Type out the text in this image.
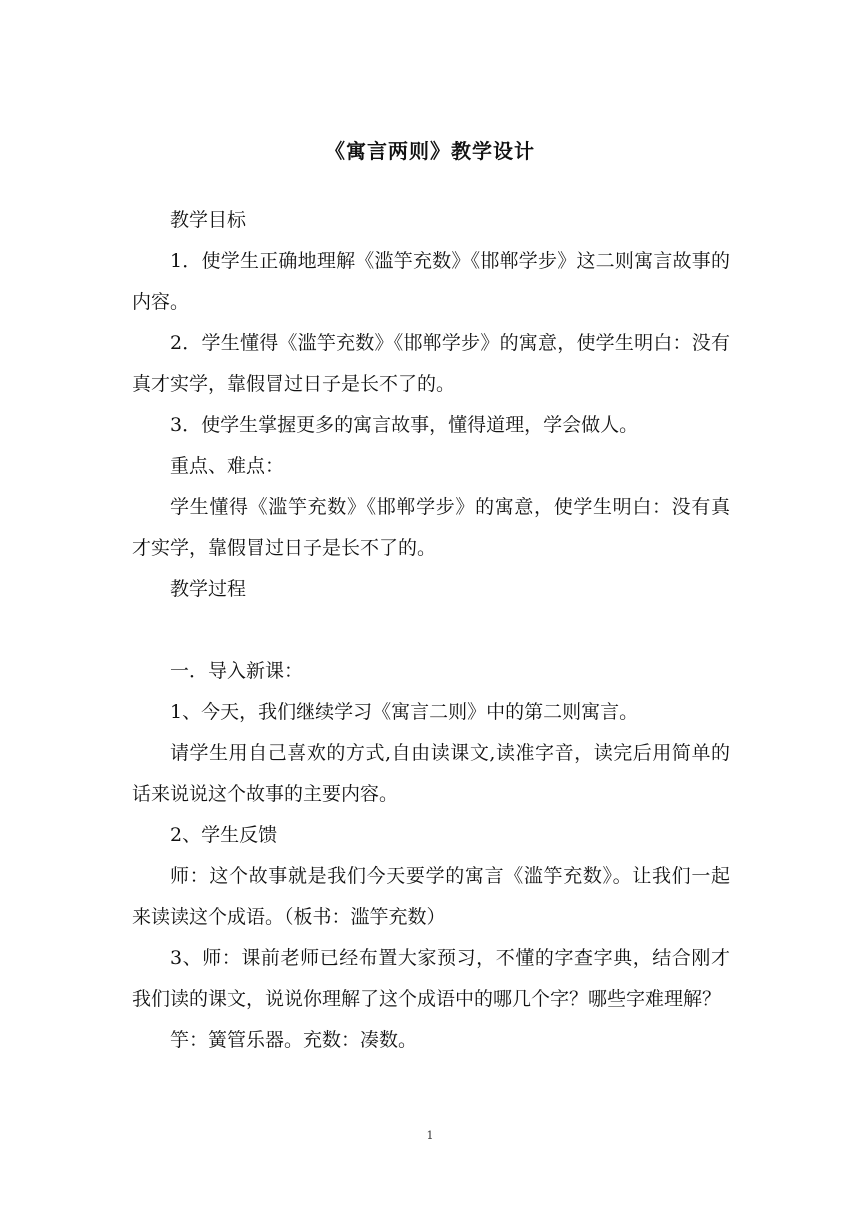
《寓言两则》教学设计

教学目标

1．使学生正确地理解《滥竽充数》《邯郸学步》这二则寓言故事的内容。

2．学生懂得《滥竽充数》《邯郸学步》的寓意，使学生明白：没有真才实学，靠假冒过日子是长不了的。

3．使学生掌握更多的寓言故事，懂得道理，学会做人。

重点、难点：

学生懂得《滥竽充数》《邯郸学步》的寓意，使学生明白：没有真才实学，靠假冒过日子是长不了的。

教学过程

一．导入新课：

1、今天，我们继续学习《寓言二则》中的第二则寓言。

请学生用自己喜欢的方式,自由读课文,读准字音，读完后用简单的话来说说这个故事的主要内容。

2、学生反馈

师：这个故事就是我们今天要学的寓言《滥竽充数》。让我们一起来读读这个成语。（板书：滥竽充数）

3、师：课前老师已经布置大家预习，不懂的字查字典，结合刚才我们读的课文，说说你理解了这个成语中的哪几个字？哪些字难理解？

竽：簧管乐器。充数：凑数。

1
